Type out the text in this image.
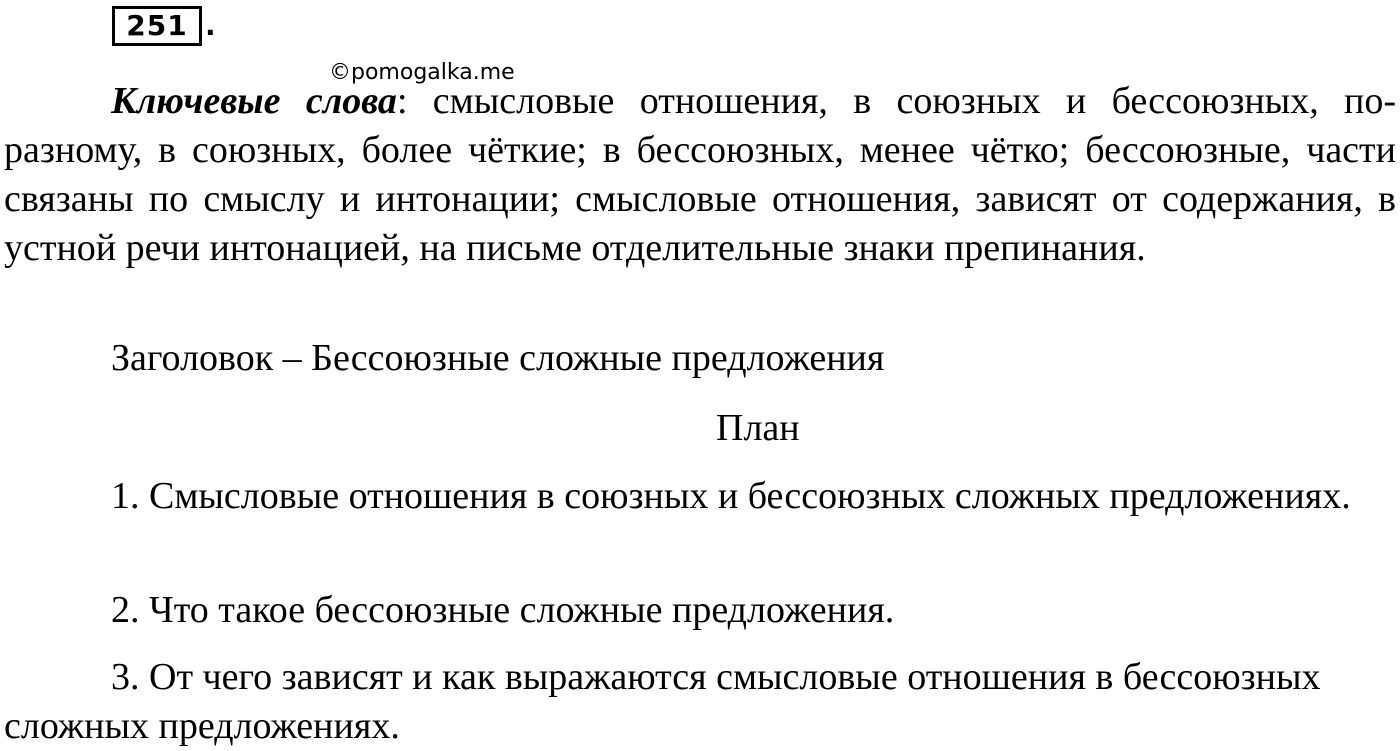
251 .
©pomogalka.me

Ключевые слова: смысловые отношения, в союзных и бессоюзных, по-разному, в союзных, более чёткие; в бессоюзных, менее чётко; бессоюзные, части связаны по смыслу и интонации; смысловые отношения, зависят от содержания, в устной речи интонацией, на письме отделительные знаки препинания.

Заголовок – Бессоюзные сложные предложения

План

1. Смысловые отношения в союзных и бессоюзных сложных предложениях.

2. Что такое бессоюзные сложные предложения.

3. От чего зависят и как выражаются смысловые отношения в бессоюзных сложных предложениях.
